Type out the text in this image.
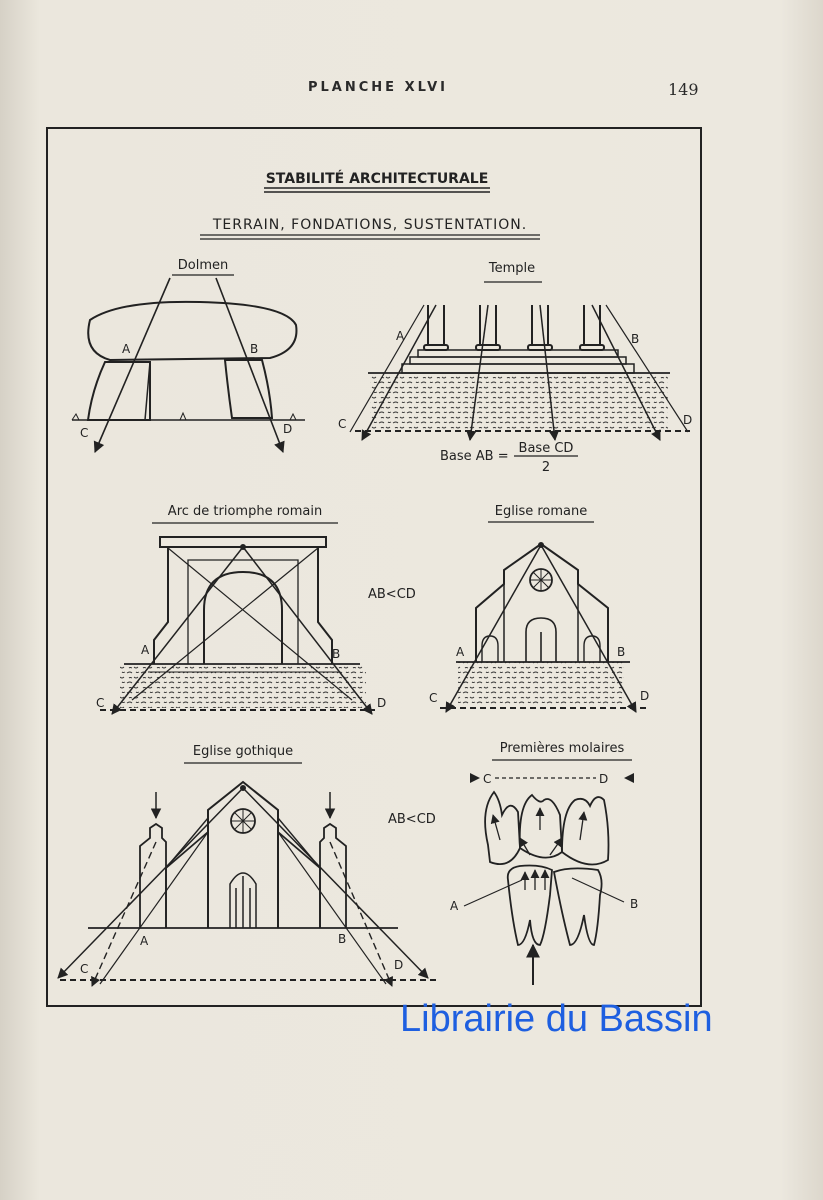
PLANCHE XLVI	149
STABILITÉ ARCHITECTURALE
TERRAIN, FONDATIONS, SUSTENTATION.
Dolmen
A	B
C	D
Temple
A	B
C	D
Base AB =
Base CD
2
Arc de triomphe romain
A	B
C	D
AB<CD
Eglise romane
A	B
C	D
Eglise gothique
A	B
C	D
AB<CD
Premières molaires
C	D
A	B
Librairie du Bassin
